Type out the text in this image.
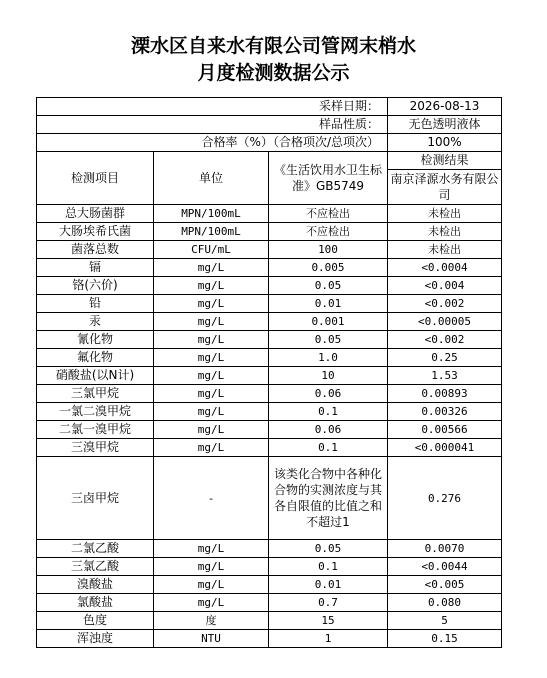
溧水区自来水有限公司管网末梢水
月度检测数据公示
采样日期：			2026-08-13
样品性质：			无色透明液体
合格率（%）（合格项次/总项次）			100%
检测项目	单位	《生活饮用水卫生标准》GB5749	检测结果
			南京泽源水务有限公司
总大肠菌群	MPN/100mL	不应检出	未检出
大肠埃希氏菌	MPN/100mL	不应检出	未检出
菌落总数	CFU/mL	100	未检出
镉	mg/L	0.005	<0.0004
铬(六价)	mg/L	0.05	<0.004
铅	mg/L	0.01	<0.002
汞	mg/L	0.001	<0.00005
氰化物	mg/L	0.05	<0.002
氟化物	mg/L	1.0	0.25
硝酸盐(以N计)	mg/L	10	1.53
三氯甲烷	mg/L	0.06	0.00893
一氯二溴甲烷	mg/L	0.1	0.00326
二氯一溴甲烷	mg/L	0.06	0.00566
三溴甲烷	mg/L	0.1	<0.000041
三卤甲烷	-	该类化合物中各种化合物的实测浓度与其各自限值的比值之和不超过1	0.276
二氯乙酸	mg/L	0.05	0.0070
三氯乙酸	mg/L	0.1	<0.0044
溴酸盐	mg/L	0.01	<0.005
氯酸盐	mg/L	0.7	0.080
色度	度	15	5
浑浊度	NTU	1	0.15
